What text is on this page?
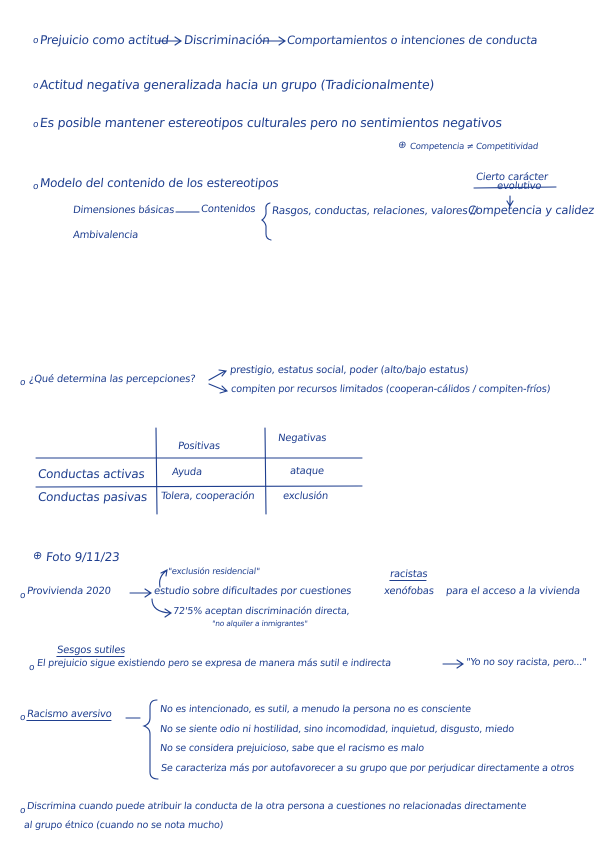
o Prejuicio como actitud Discriminación Comportamientos o intenciones de conducta
o Actitud negativa generalizada hacia un grupo (Tradicionalmente)
o Es posible mantener estereotipos culturales pero no sentimientos negativos
⊕ Competencia ≠ Competitividad
o Modelo del contenido de los estereotipos	Cierto carácter
evolutivo
Dimensiones básicas	Contenidos Rasgos, conductas, relaciones, valores //
Competencia y calidez
Ambivalencia
o ¿Qué determina las percepciones?
prestigio, estatus social, poder (alto/bajo estatus)
compiten por recursos limitados (cooperan-cálidos / compiten-fríos)
Positivas
Negativas
Conductas activas	Ayuda	ataque
Conductas pasivas Tolera, cooperación	exclusión
⊕ Foto 9/11/23
"exclusión residencial"	racistas
o Provivienda 2020	estudio sobre dificultades por cuestiones	xenófobas para el acceso a la vivienda
72'5% aceptan discriminación directa,
"no alquiler a inmigrantes"
Sesgos sutiles
o El prejuicio sigue existiendo pero se expresa de manera más sutil e indirecta	"Yo no soy racista, pero..."
o Racismo aversivo	No es intencionado, es sutil, a menudo la persona no es consciente
No se siente odio ni hostilidad, sino incomodidad, inquietud, disgusto, miedo
No se considera prejuicioso, sabe que el racismo es malo
Se caracteriza más por autofavorecer a su grupo que por perjudicar directamente a otros
o Discrimina cuando puede atribuir la conducta de la otra persona a cuestiones no relacionadas directamente
al grupo étnico (cuando no se nota mucho)
